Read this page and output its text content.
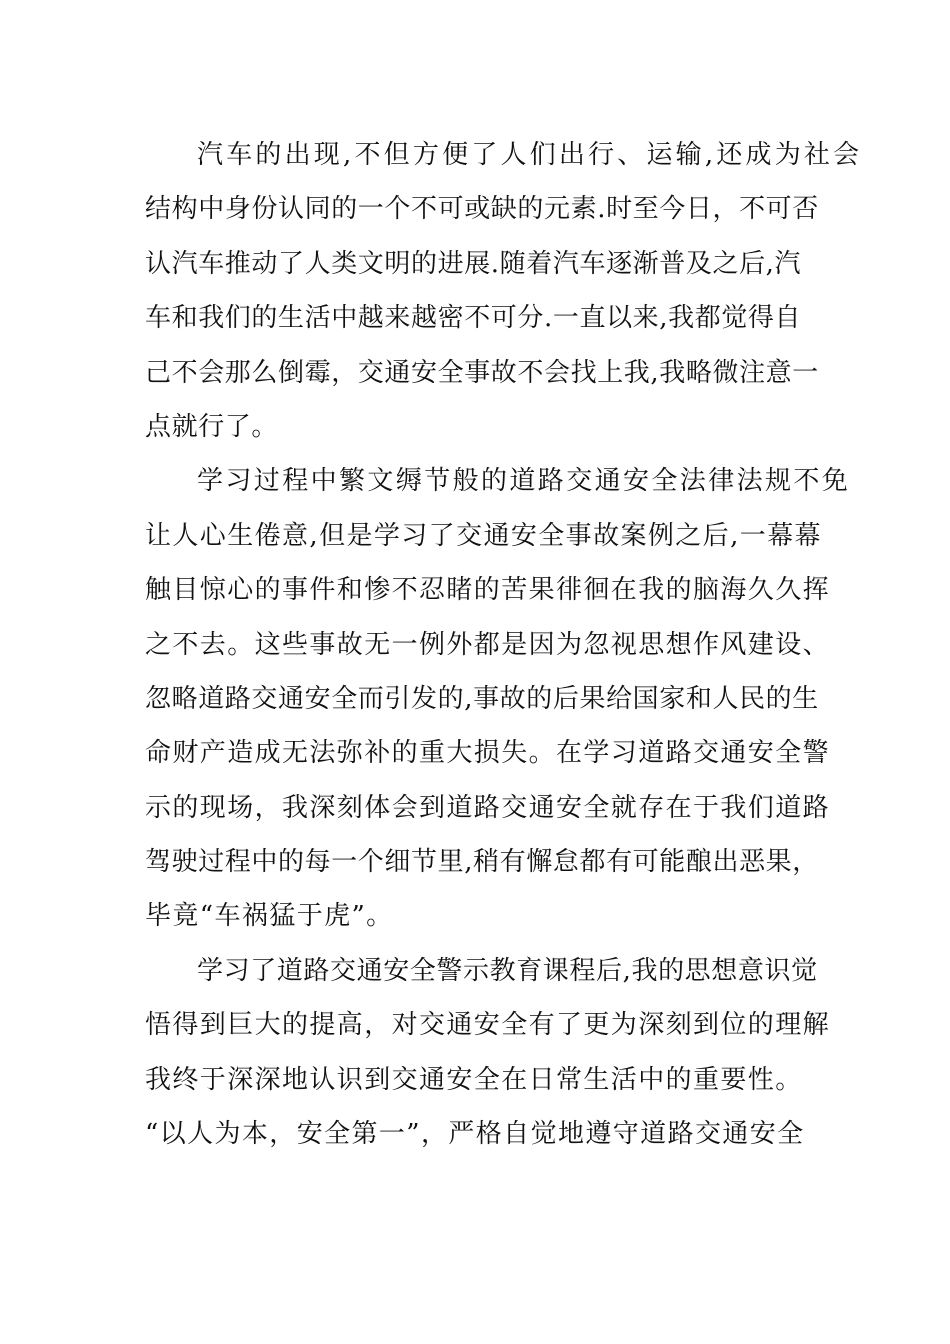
汽车的出现,不但方便了人们出行、运输,还成为社会
结构中身份认同的一个不可或缺的元素.时至今日，不可否
认汽车推动了人类文明的进展.随着汽车逐渐普及之后,汽
车和我们的生活中越来越密不可分.一直以来,我都觉得自
己不会那么倒霉，交通安全事故不会找上我,我略微注意一
点就行了。
学习过程中繁文缛节般的道路交通安全法律法规不免
让人心生倦意,但是学习了交通安全事故案例之后,一幕幕
触目惊心的事件和惨不忍睹的苦果徘徊在我的脑海久久挥
之不去。这些事故无一例外都是因为忽视思想作风建设、
忽略道路交通安全而引发的,事故的后果给国家和人民的生
命财产造成无法弥补的重大损失。在学习道路交通安全警
示的现场，我深刻体会到道路交通安全就存在于我们道路
驾驶过程中的每一个细节里,稍有懈怠都有可能酿出恶果，
毕竟“车祸猛于虎”。
学习了道路交通安全警示教育课程后,我的思想意识觉
悟得到巨大的提高，对交通安全有了更为深刻到位的理解
我终于深深地认识到交通安全在日常生活中的重要性。
“以人为本，安全第一”，严格自觉地遵守道路交通安全
